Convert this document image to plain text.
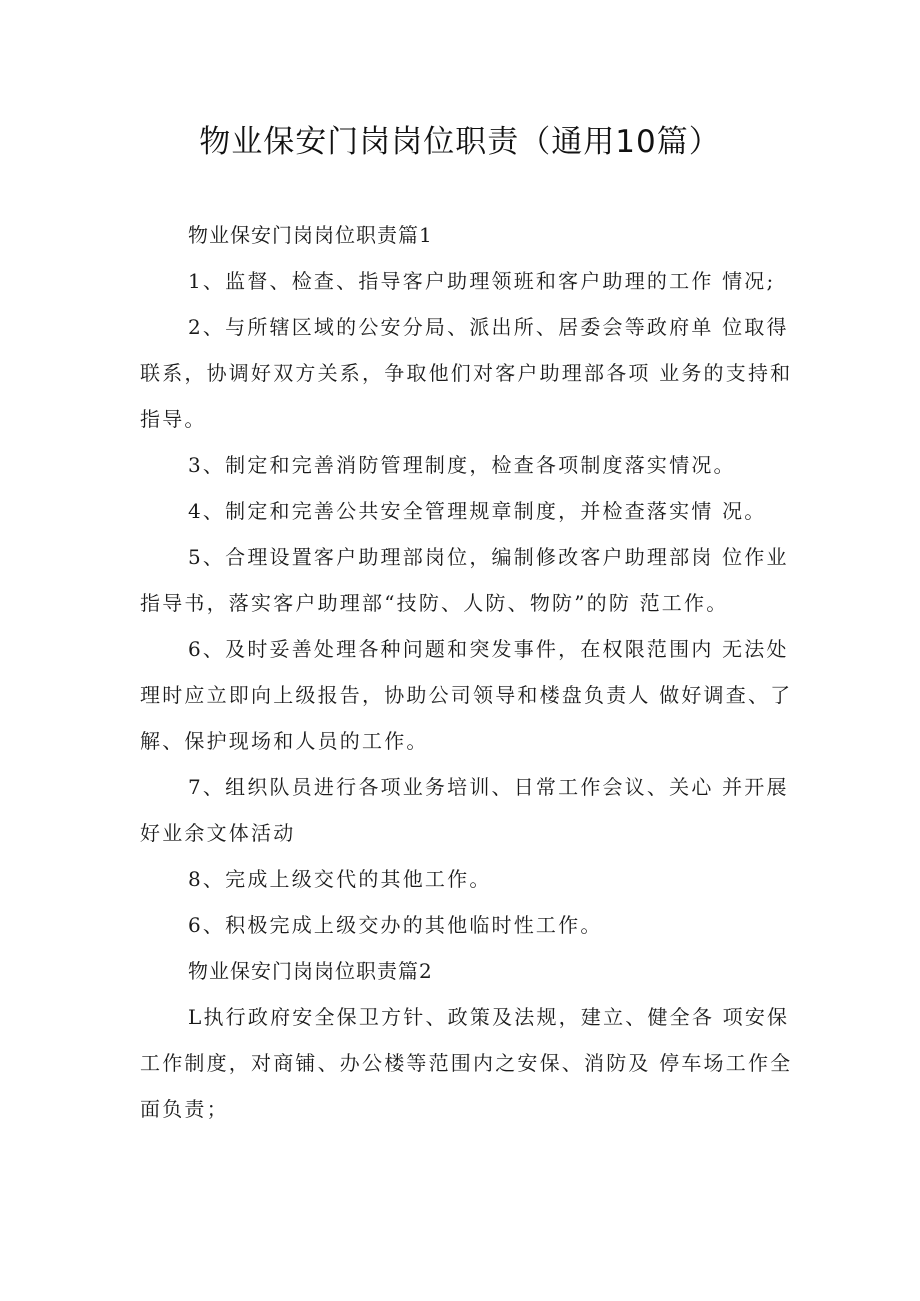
物业保安门岗岗位职责（通用10篇）

物业保安门岗岗位职责篇1

1、监督、检查、指导客户助理领班和客户助理的工作 情况;

2、与所辖区域的公安分局、派出所、居委会等政府单 位取得联系，协调好双方关系，争取他们对客户助理部各项 业务的支持和指导。

3、制定和完善消防管理制度，检查各项制度落实情况。

4、制定和完善公共安全管理规章制度，并检查落实情 况。

5、合理设置客户助理部岗位，编制修改客户助理部岗 位作业指导书，落实客户助理部“技防、人防、物防”的防 范工作。

6、及时妥善处理各种问题和突发事件，在权限范围内 无法处理时应立即向上级报告，协助公司领导和楼盘负责人 做好调查、了解、保护现场和人员的工作。

7、组织队员进行各项业务培训、日常工作会议、关心 并开展好业余文体活动

8、完成上级交代的其他工作。

6、积极完成上级交办的其他临时性工作。

物业保安门岗岗位职责篇2

L执行政府安全保卫方针、政策及法规，建立、健全各 项安保工作制度，对商铺、办公楼等范围内之安保、消防及 停车场工作全面负责；
